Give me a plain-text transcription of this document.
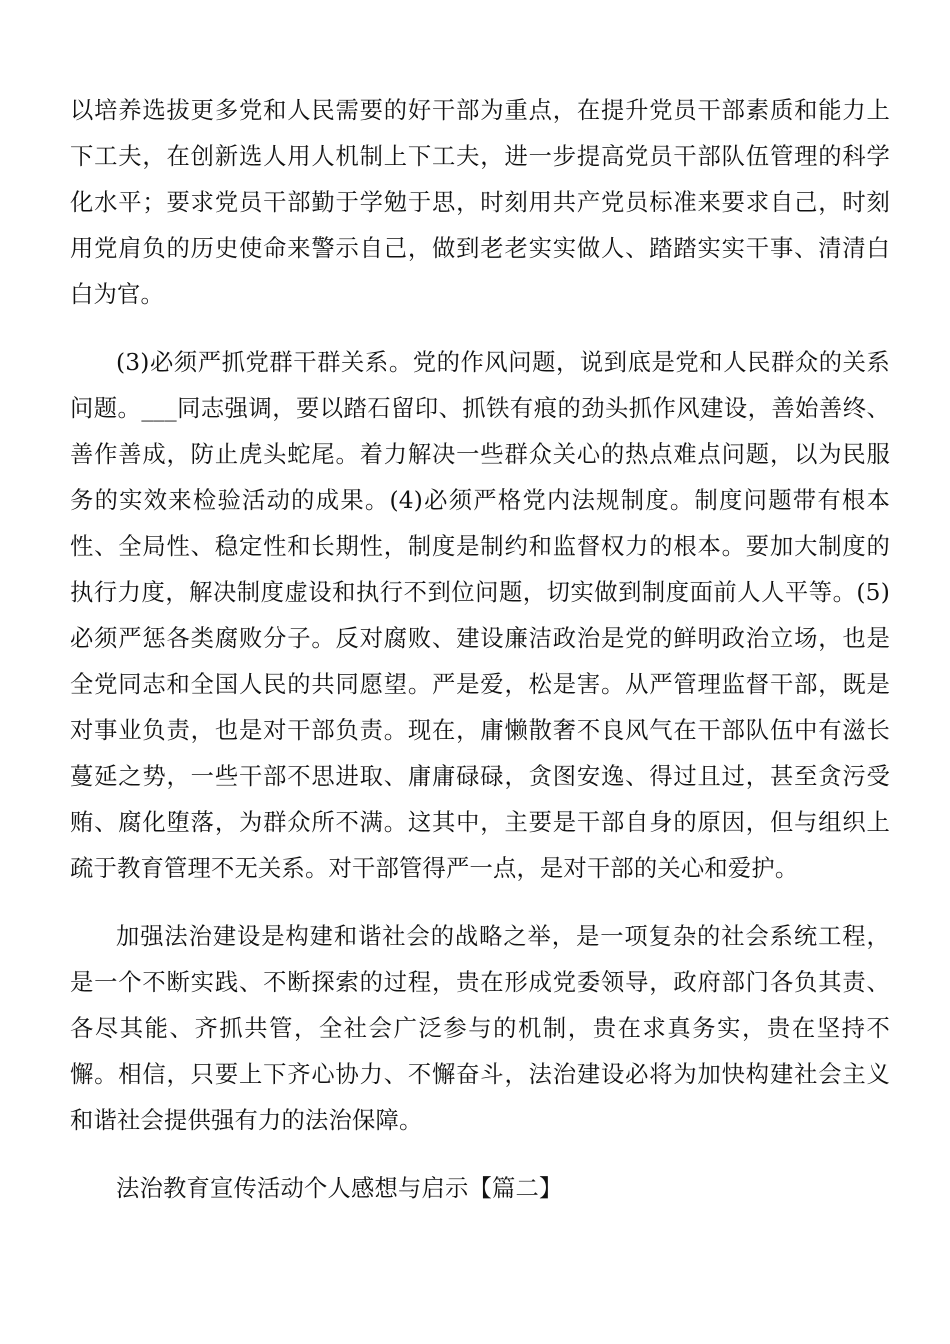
以培养选拔更多党和人民需要的好干部为重点，在提升党员干部素质和能力上下工夫，在创新选人用人机制上下工夫，进一步提高党员干部队伍管理的科学化水平；要求党员干部勤于学勉于思，时刻用共产党员标准来要求自己，时刻用党肩负的历史使命来警示自己，做到老老实实做人、踏踏实实干事、清清白白为官。

(3)必须严抓党群干群关系。党的作风问题，说到底是党和人民群众的关系问题。___同志强调，要以踏石留印、抓铁有痕的劲头抓作风建设，善始善终、善作善成，防止虎头蛇尾。着力解决一些群众关心的热点难点问题，以为民服务的实效来检验活动的成果。(4)必须严格党内法规制度。制度问题带有根本性、全局性、稳定性和长期性，制度是制约和监督权力的根本。要加大制度的执行力度，解决制度虚设和执行不到位问题，切实做到制度面前人人平等。(5)必须严惩各类腐败分子。反对腐败、建设廉洁政治是党的鲜明政治立场，也是全党同志和全国人民的共同愿望。严是爱，松是害。从严管理监督干部，既是对事业负责，也是对干部负责。现在，庸懒散奢不良风气在干部队伍中有滋长蔓延之势，一些干部不思进取、庸庸碌碌，贪图安逸、得过且过，甚至贪污受贿、腐化堕落，为群众所不满。这其中，主要是干部自身的原因，但与组织上疏于教育管理不无关系。对干部管得严一点，是对干部的关心和爱护。

加强法治建设是构建和谐社会的战略之举，是一项复杂的社会系统工程，是一个不断实践、不断探索的过程，贵在形成党委领导，政府部门各负其责、各尽其能、齐抓共管，全社会广泛参与的机制，贵在求真务实，贵在坚持不懈。相信，只要上下齐心协力、不懈奋斗，法治建设必将为加快构建社会主义和谐社会提供强有力的法治保障。

法治教育宣传活动个人感想与启示【篇二】
